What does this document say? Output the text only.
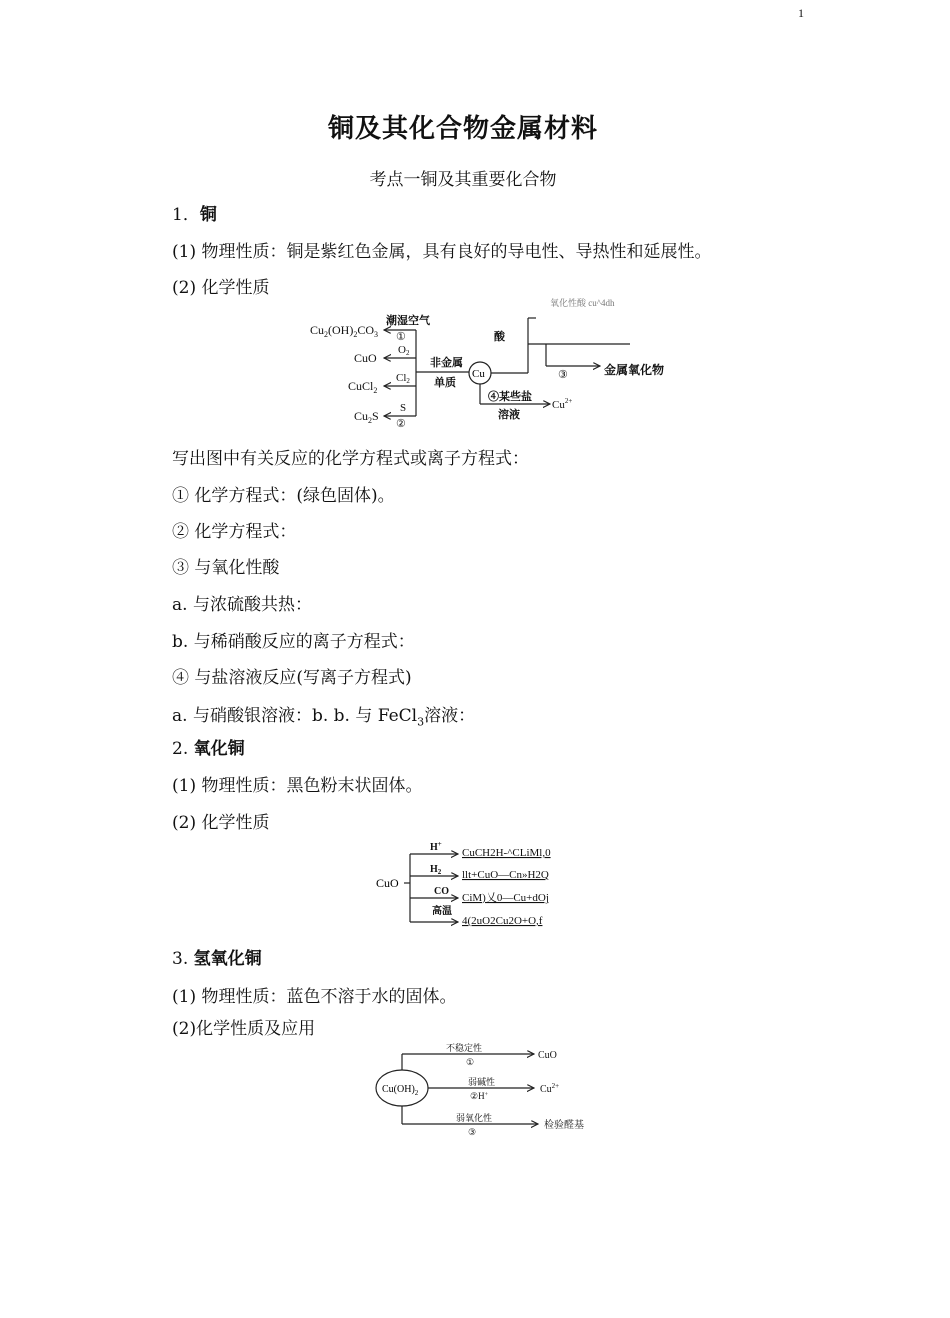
1
铜及其化合物金属材料
考点一铜及其重要化合物
1．铜
(1) 物理性质：铜是紫红色金属，具有良好的导电性、导热性和延展性。
(2) 化学性质
$Cu_2(OH)_2CO_3$
CuO
CuCl$_2$
$Cu_2S$
潮湿空气
①
O2
Cl2
S
②
非金属
单质
Cu
酸
氧化性酸 cu^4dh
③	金属氧化物
④某些盐
溶液
$Cu^{2+}$
写出图中有关反应的化学方程式或离子方程式：
① 化学方程式：(绿色固体)。
② 化学方程式：
③ 与氧化性酸
a. 与浓硫酸共热：
b. 与稀硝酸反应的离子方程式：
④ 与盐溶液反应(写离子方程式)
a. 与硝酸银溶液：b. b. 与 FeCl$_3$溶液：
2. 氧化铜
(1) 物理性质：黑色粉末状固体。
(2) 化学性质
CuO
H+
$H_2$
CO
高温
CuCH2H-^CLiMl,0
llt+CuO—Cn»H2Q
CiM)乂0—Cu+dOj
4(2uO2Cu2O+O,f
3. 氢氧化铜
(1) 物理性质：蓝色不溶于水的固体。
(2)化学性质及应用
$Cu(OH)_2$
不稳定性
①
弱碱性
②H+
弱氧化性
③
CuO
$Cu^{2+}$
检验醛基
